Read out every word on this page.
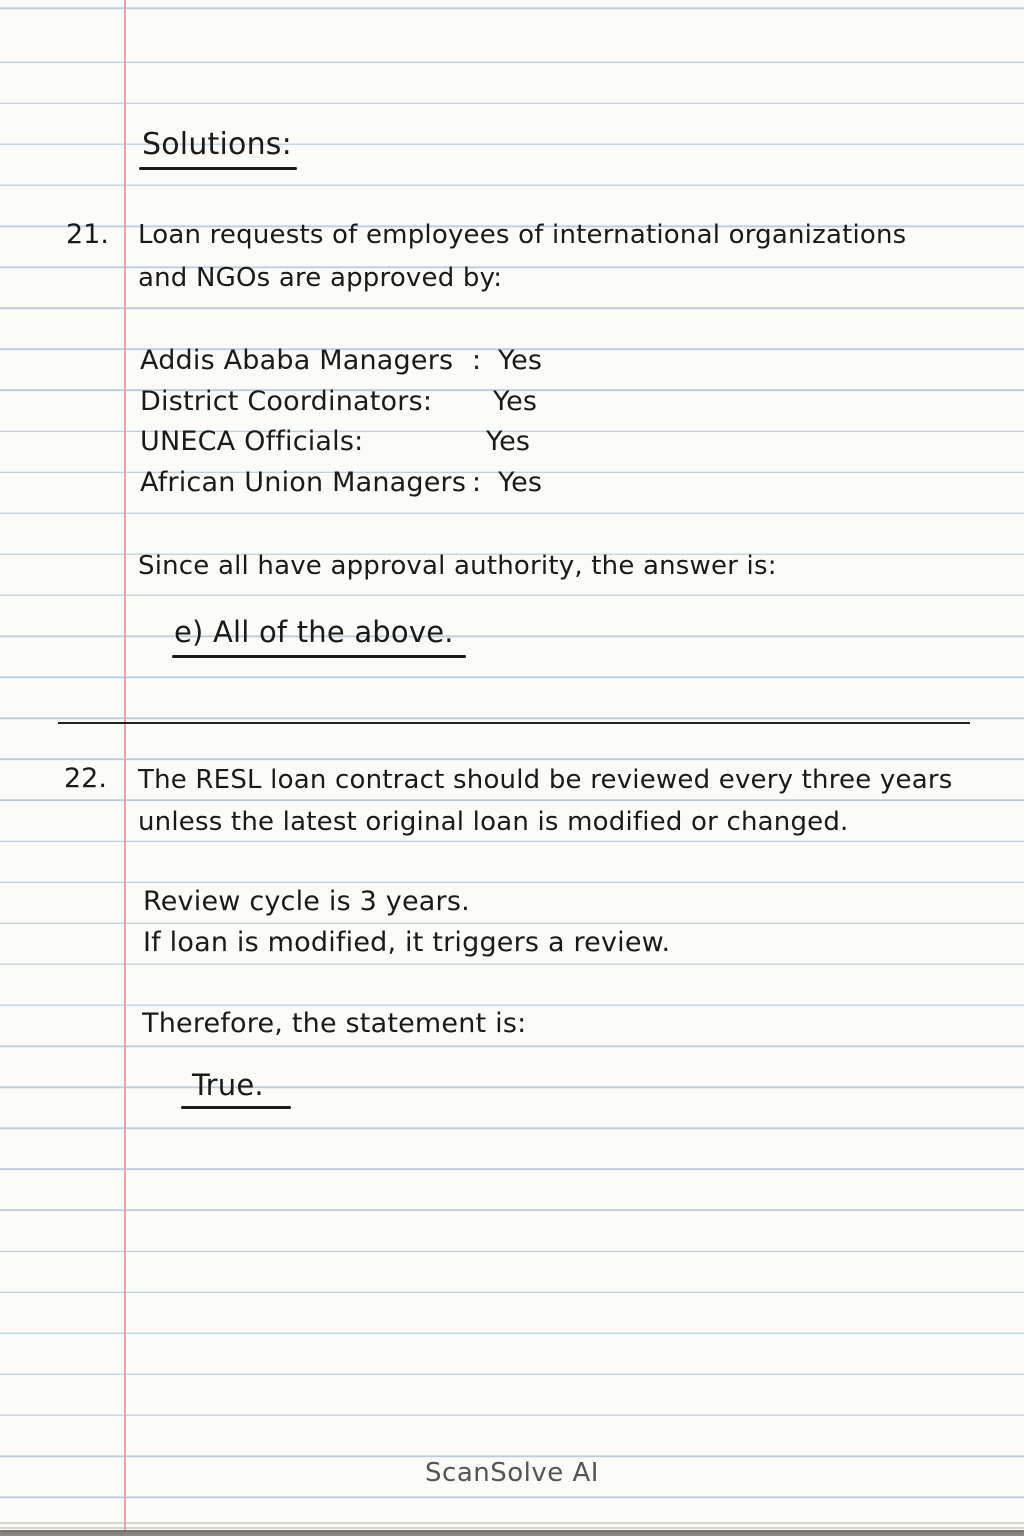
Solutions:
21. Loan requests of employees of international organizations
and NGOs are approved by:
Addis Ababa Managers : Yes
District Coordinators: Yes
UNECA Officials:	Yes
African Union Managers : Yes
Since all have approval authority, the answer is:
e) All of the above.
22. The RESL loan contract should be reviewed every three years
unless the latest original loan is modified or changed.
Review cycle is 3 years.
If loan is modified, it triggers a review.
Therefore, the statement is:
True.
ScanSolve AI
